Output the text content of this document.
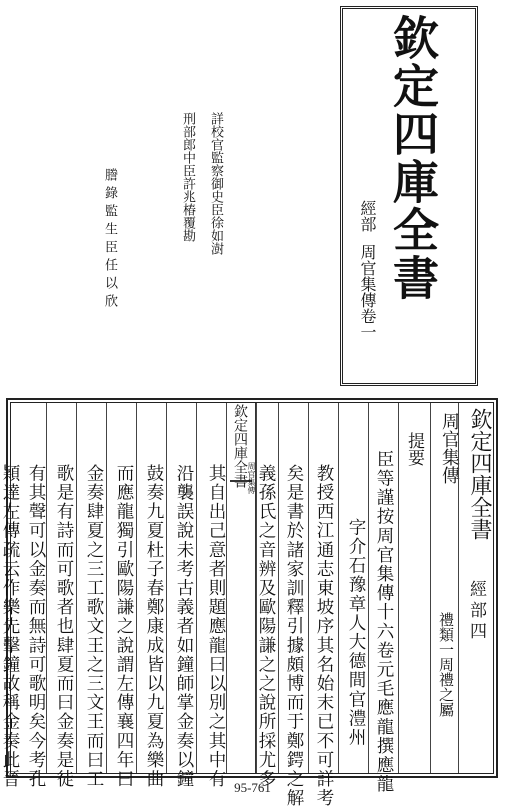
欽定四庫全書
經部
周官集傳卷一
詳校官監察御史臣徐如澍
刑部郎中臣許兆椿覆勘
謄錄監生臣任以欣
欽定四庫全書
經部四
周官集傳
禮類一周禮之屬
提要
欽定四庫全書 周官集傳	臣等謹按周官集傳十六卷元毛應龍撰應龍
字介石豫章人大德間官澧州
教授西江通志東坡序其名始末已不可詳考
矣是書於諸家訓釋引據頗博而于鄭鍔之解
義孫氏之音辨及歐陽謙之之說所採尤多
其自出己意者則題應龍曰以別之其中有
沿襲誤說未考古義者如鐘師掌金奏以鐘
鼓奏九夏杜子春鄭康成皆以九夏為樂曲
而應龍獨引歐陽謙之說謂左傳襄四年曰
金奏肆夏之三工歌文王之三文王而曰工
歌是有詩而可歌者也肆夏而曰金奏是徒
有其聲可以金奏而無詩可歌明矣今考孔
穎達左傳疏云作樂先擊鐘故稱金奏此晉	95-761
